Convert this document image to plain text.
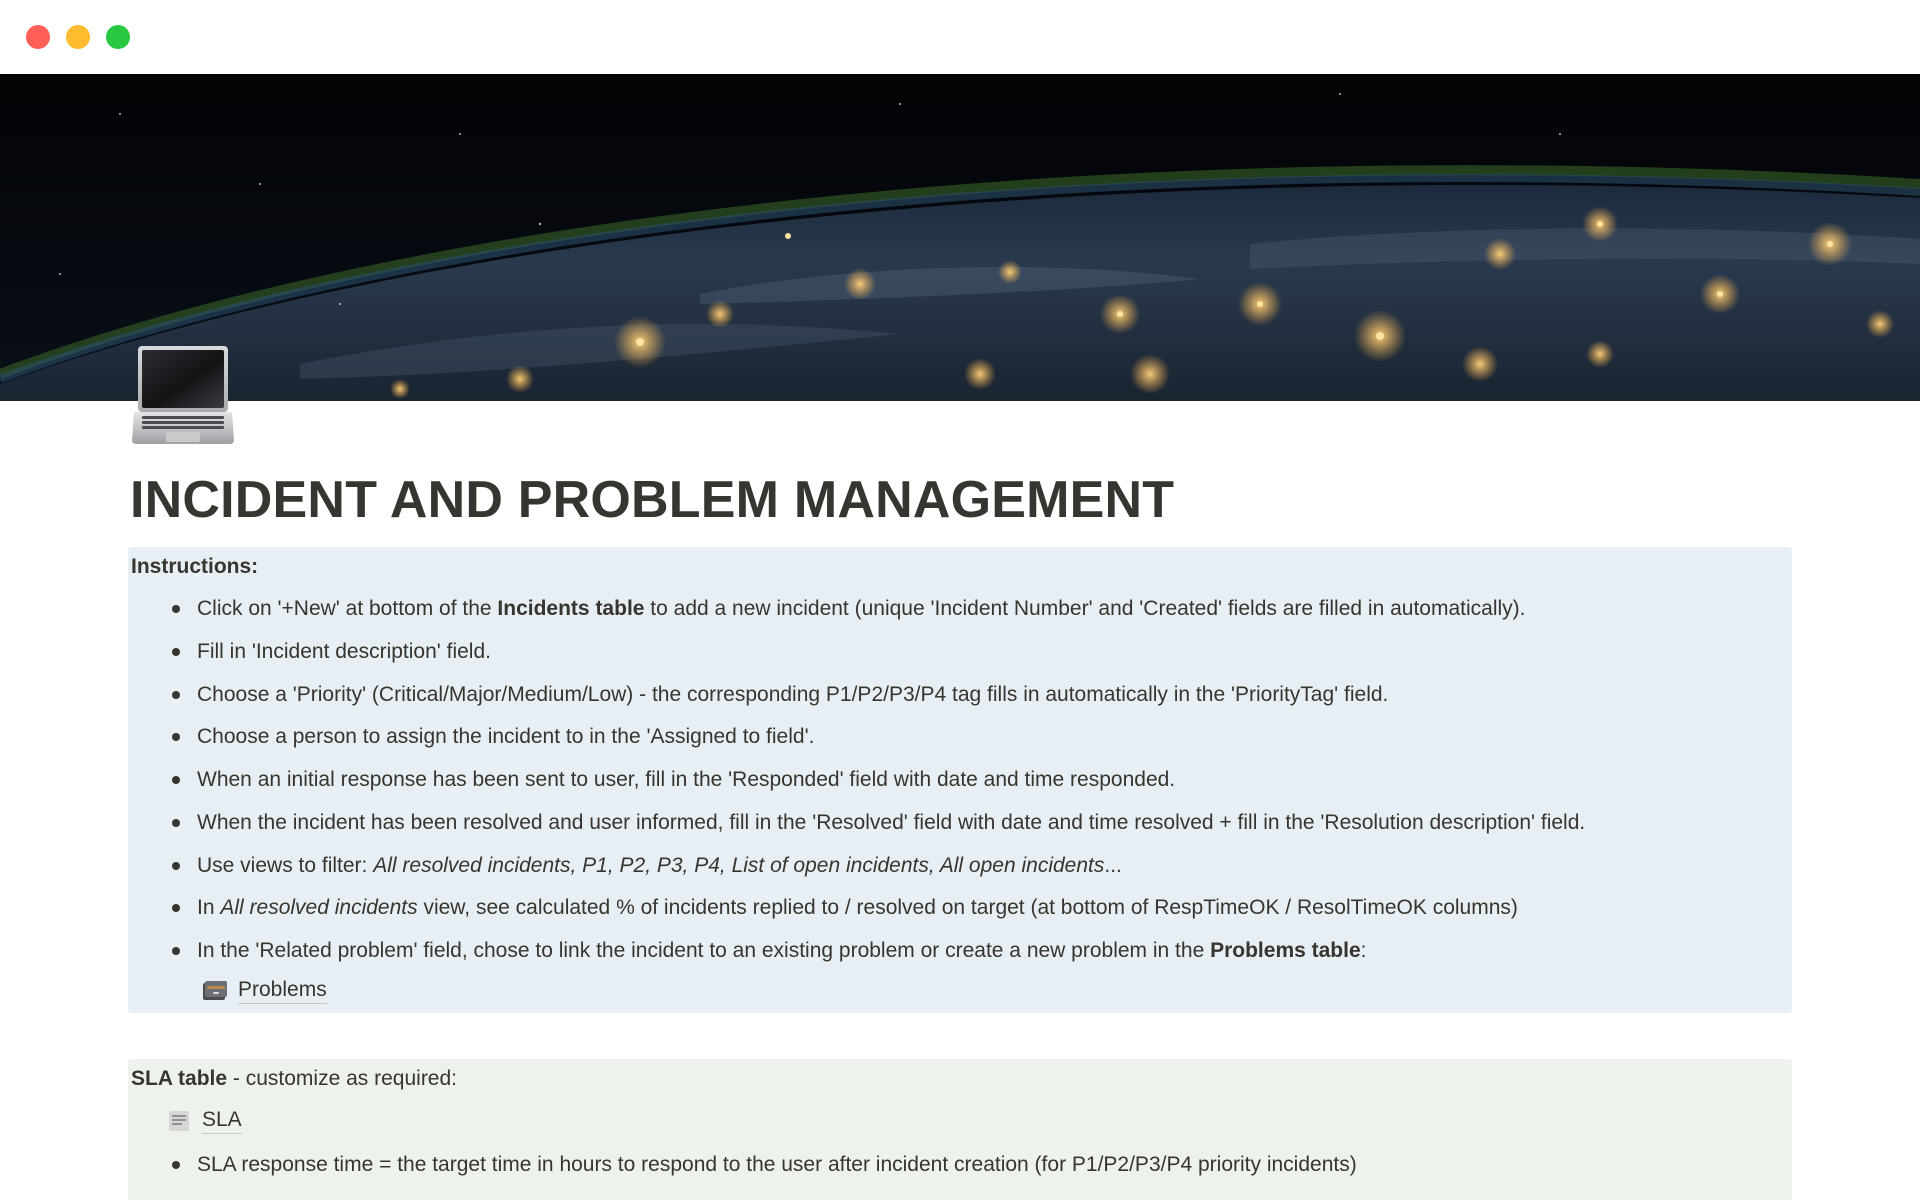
INCIDENT AND PROBLEM MANAGEMENT
Instructions:
Click on '+New' at bottom of the Incidents table to add a new incident (unique 'Incident Number' and 'Created' fields are filled in automatically).
Fill in 'Incident description' field.
Choose a 'Priority' (Critical/Major/Medium/Low) - the corresponding P1/P2/P3/P4 tag fills in automatically in the 'PriorityTag' field.
Choose a person to assign the incident to in the 'Assigned to field'.
When an initial response has been sent to user, fill in the 'Responded' field with date and time responded.
When the incident has been resolved and user informed, fill in the 'Resolved' field with date and time resolved + fill in the 'Resolution description' field.
Use views to filter: All resolved incidents, P1, P2, P3, P4, List of open incidents, All open incidents...
In All resolved incidents view, see calculated % of incidents replied to / resolved on target (at bottom of RespTimeOK / ResolTimeOK columns)
In the 'Related problem' field, chose to link the incident to an existing problem or create a new problem in the Problems table:
Problems
SLA table - customize as required:
SLA
SLA response time = the target time in hours to respond to the user after incident creation (for P1/P2/P3/P4 priority incidents)
